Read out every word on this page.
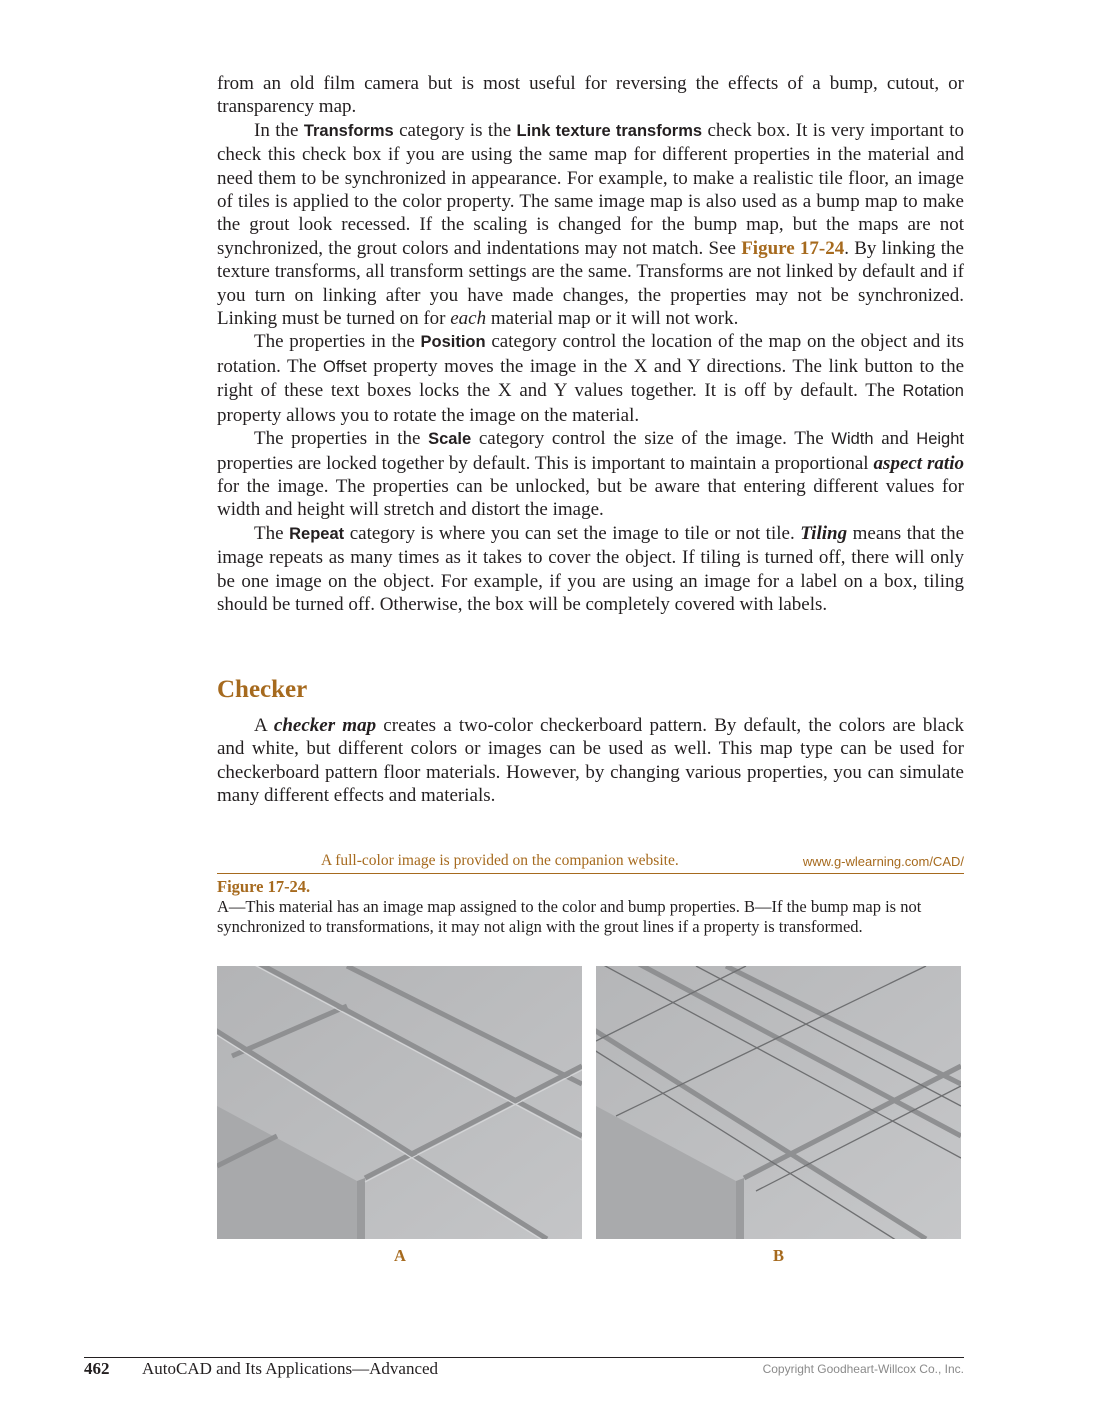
from an old film camera but is most useful for reversing the effects of a bump, cutout, or transparency map.

In the Transforms category is the Link texture transforms check box. It is very important to check this check box if you are using the same map for different properties in the material and need them to be synchronized in appearance. For example, to make a realistic tile floor, an image of tiles is applied to the color property. The same image map is also used as a bump map to make the grout look recessed. If the scaling is changed for the bump map, but the maps are not synchronized, the grout colors and indentations may not match. See Figure 17-24. By linking the texture transforms, all transform settings are the same. Transforms are not linked by default and if you turn on linking after you have made changes, the properties may not be synchronized. Linking must be turned on for each material map or it will not work.

The properties in the Position category control the location of the map on the object and its rotation. The Offset property moves the image in the X and Y directions. The link button to the right of these text boxes locks the X and Y values together. It is off by default. The Rotation property allows you to rotate the image on the material.

The properties in the Scale category control the size of the image. The Width and Height properties are locked together by default. This is important to maintain a proportional aspect ratio for the image. The properties can be unlocked, but be aware that entering different values for width and height will stretch and distort the image.

The Repeat category is where you can set the image to tile or not tile. Tiling means that the image repeats as many times as it takes to cover the object. If tiling is turned off, there will only be one image on the object. For example, if you are using an image for a label on a box, tiling should be turned off. Otherwise, the box will be completely covered with labels.

Checker

A checker map creates a two-color checkerboard pattern. By default, the colors are black and white, but different colors or images can be used as well. This map type can be used for checkerboard pattern floor materials. However, by changing various properties, you can simulate many different effects and materials.

A full-color image is provided on the companion website.	www.g-wlearning.com/CAD/
Figure 17-24.
A—This material has an image map assigned to the color and bump properties. B—If the bump map is not synchronized to transformations, it may not align with the grout lines if a property is transformed.
A	B
462 AutoCAD and Its Applications—Advanced	Copyright Goodheart-Willcox Co., Inc.
